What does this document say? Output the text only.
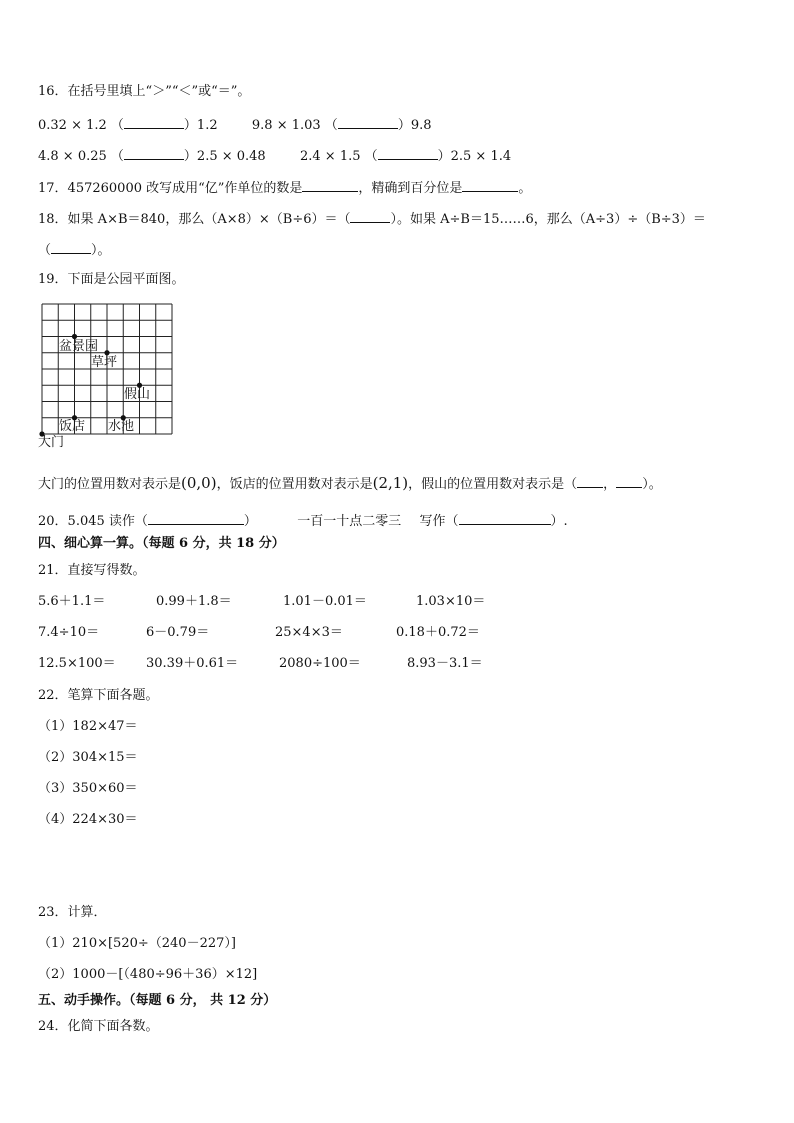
16．在括号里填上“＞”“＜”或“＝”。
0.32 × 1.2 （	）1.2	9.8 × 1.03 （	）9.8
4.8 × 0.25 （	）2.5 × 0.48	2.4 × 1.5 （	）2.5 × 1.4
17．457260000 改写成用“亿”作单位的数是	，精确到百分位是	。
18．如果 A×B＝840，那么（A×8）×（B÷6）＝（	）。如果 A÷B＝15……6，那么（A÷3）÷（B÷3）＝
（	）。
19．下面是公园平面图。
盆景园
草坪
假山
饭店 水池
大门
大门的位置用数对表示是(0,0)，饭店的位置用数对表示是(2,1)，假山的位置用数对表示是（ ， ）。
20．5.045 读作（	）	一百一十点二零三 写作（	）.
四、细心算一算。（每题 6 分，共 18 分）
21．直接写得数。
5.6＋1.1＝	0.99＋1.8＝	1.01－0.01＝	1.03×10＝
7.4÷10＝	6－0.79＝	25×4×3＝	0.18＋0.72＝
12.5×100＝ 30.39＋0.61＝	2080÷100＝	8.93－3.1＝
22．笔算下面各题。
（1）182×47＝
（2）304×15＝
（3）350×60＝
（4）224×30＝
23．计算．
（1）210×[520÷（240－227）]
（2）1000－[（480÷96＋36）×12]
五、动手操作。（每题 6 分， 共 12 分）
24．化简下面各数。
